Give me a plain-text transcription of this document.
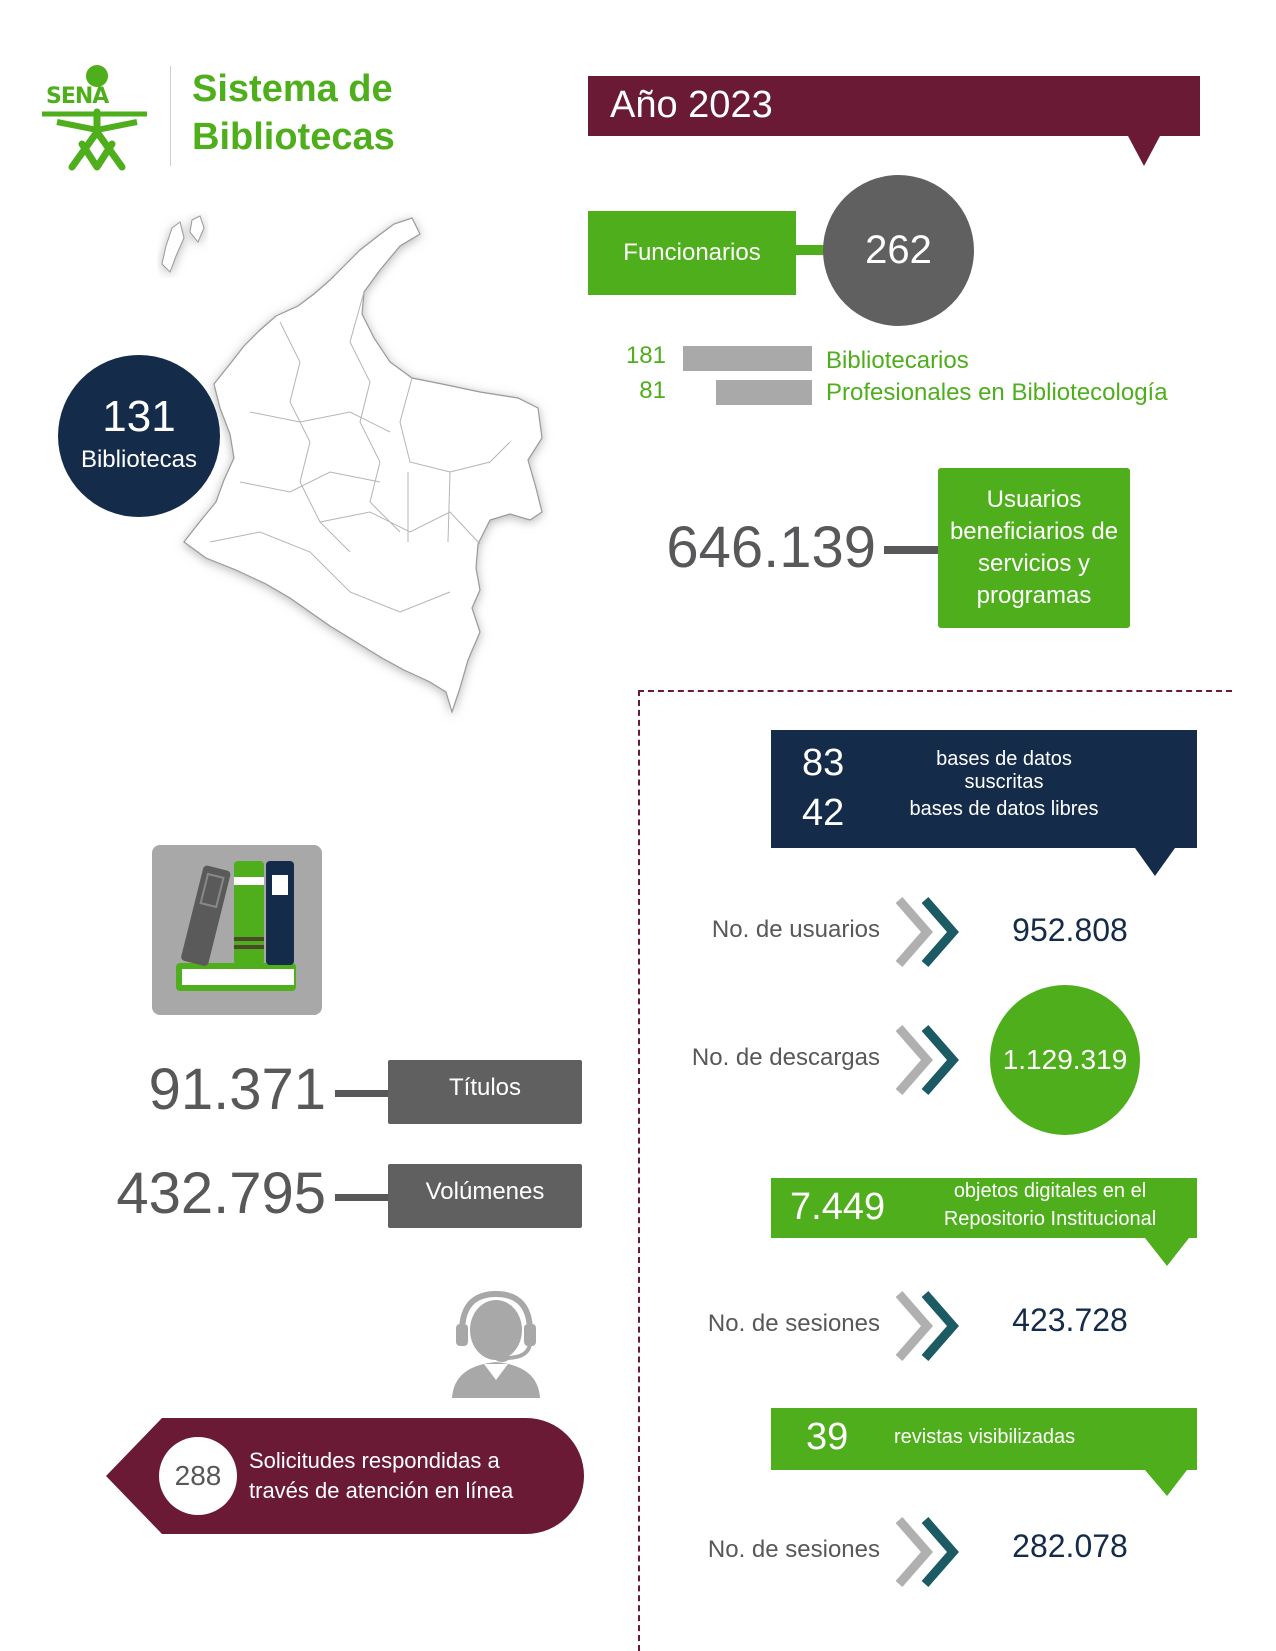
SENA Sistema de
Bibliotecas
Año 2023
131
Bibliotecas
Funcionarios	262
181	Bibliotecarios
81	Profesionales en Bibliotecología
646.139
Usuarios beneficiarios de servicios y programas
83	bases de datos suscritas
42	bases de datos libres
No. de usuarios	952.808
No. de descargas	1.129.319
7.449	objetos digitales en el
Repositorio Institucional
No. de sesiones	423.728
39 revistas visibilizadas
No. de sesiones	282.078
91.371	Títulos
432.795	Volúmenes
288 Solicitudes respondidas a
través de atención en línea
